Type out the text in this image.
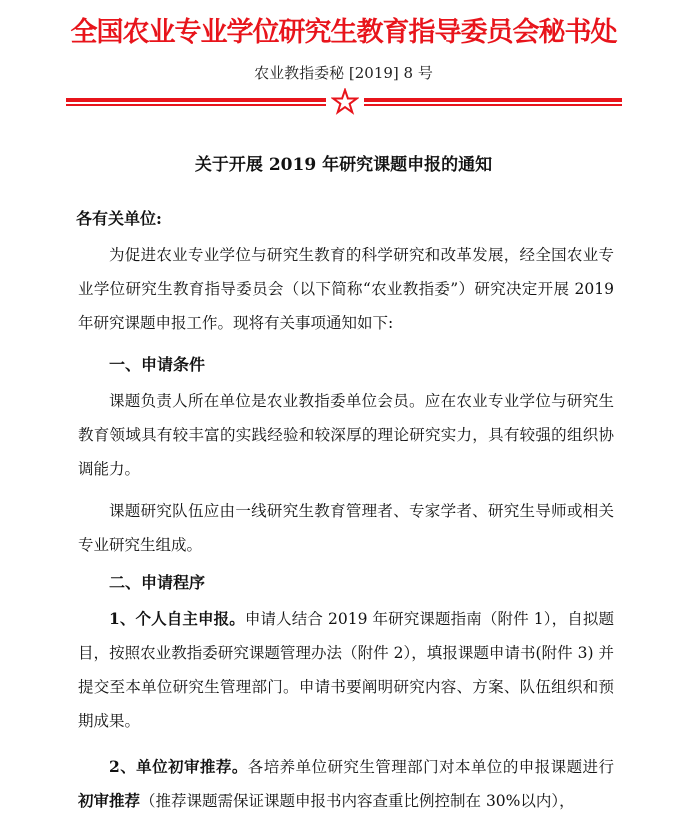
全国农业专业学位研究生教育指导委员会秘书处
农业教指委秘 [2019] 8 号
关于开展 2019 年研究课题申报的通知
各有关单位:
为促进农业专业学位与研究生教育的科学研究和改革发展，经全国农业专业学位研究生教育指导委员会（以下简称“农业教指委”）研究决定开展 2019 年研究课题申报工作。现将有关事项通知如下:
一、申请条件
课题负责人所在单位是农业教指委单位会员。应在农业专业学位与研究生教育领域具有较丰富的实践经验和较深厚的理论研究实力，具有较强的组织协调能力。
课题研究队伍应由一线研究生教育管理者、专家学者、研究生导师或相关专业研究生组成。
二、申请程序
1、个人自主申报。申请人结合 2019 年研究课题指南（附件 1），自拟题目，按照农业教指委研究课题管理办法（附件 2），填报课题申请书(附件 3) 并提交至本单位研究生管理部门。申请书要阐明研究内容、方案、队伍组织和预期成果。
2、单位初审推荐。各培养单位研究生管理部门对本单位的申报课题进行初审推荐（推荐课题需保证课题申报书内容查重比例控制在 30%以内），
